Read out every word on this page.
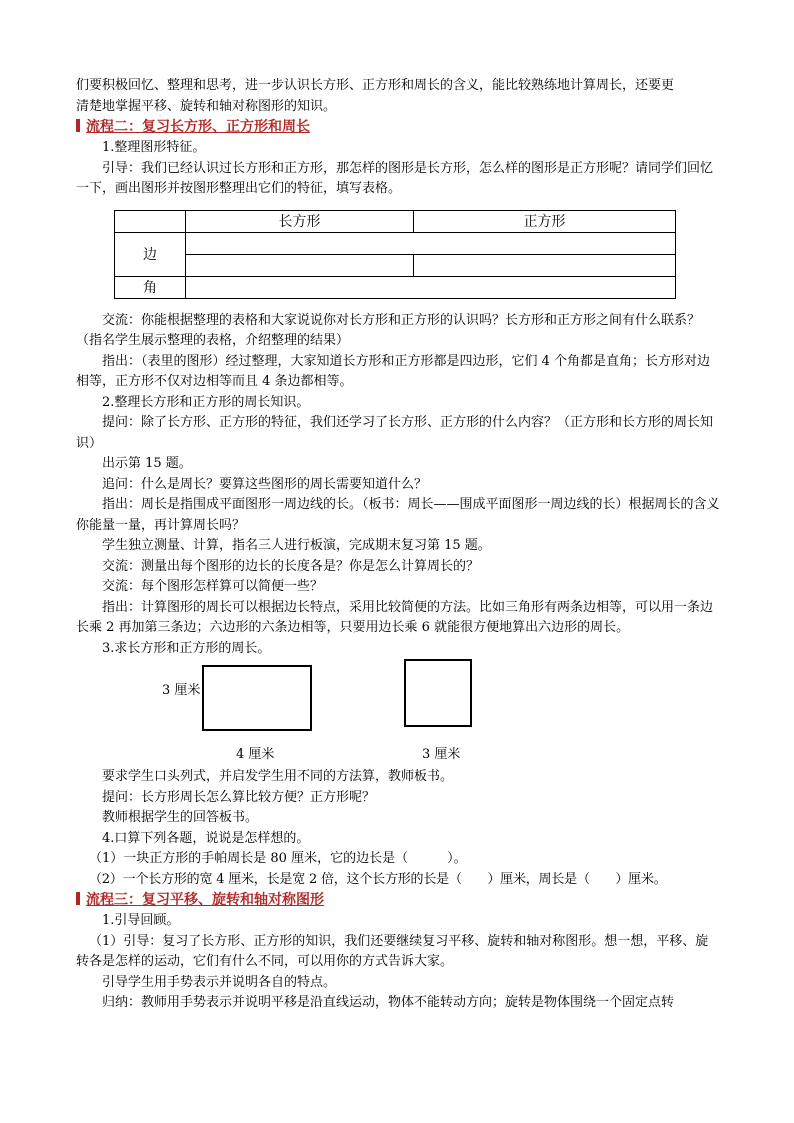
们要积极回忆、整理和思考，进一步认识长方形、正方形和周长的含义，能比较熟练地计算周长，还要更

清楚地掌握平移、旋转和轴对称图形的知识。

流程二：复习长方形、正方形和周长

1.整理图形特征。

引导：我们已经认识过长方形和正方形，那怎样的图形是长方形，怎么样的图形是正方形呢？请同学们回忆一下，画出图形并按图形整理出它们的特征，填写表格。

	长方形	正方形
边		

角		

交流：你能根据整理的表格和大家说说你对长方形和正方形的认识吗？长方形和正方形之间有什么联系？（指名学生展示整理的表格，介绍整理的结果）

指出：（表里的图形）经过整理，大家知道长方形和正方形都是四边形，它们 4 个角都是直角；长方形对边相等，正方形不仅对边相等而且 4 条边都相等。

2.整理长方形和正方形的周长知识。

提问：除了长方形、正方形的特征，我们还学习了长方形、正方形的什么内容？（正方形和长方形的周长知识）

出示第 15 题。

追问：什么是周长？要算这些图形的周长需要知道什么？

指出：周长是指围成平面图形一周边线的长。（板书：周长——围成平面图形一周边线的长）根据周长的含义你能量一量，再计算周长吗？

学生独立测量、计算，指名三人进行板演，完成期末复习第 15 题。

交流：测量出每个图形的边长的长度各是？你是怎么计算周长的？

交流：每个图形怎样算可以简便一些？

指出：计算图形的周长可以根据边长特点，采用比较简便的方法。比如三角形有两条边相等，可以用一条边长乘 2 再加第三条边；六边形的六条边相等，只要用边长乘 6 就能很方便地算出六边形的周长。

3.求长方形和正方形的周长。

3 厘米
4 厘米	3 厘米

要求学生口头列式，并启发学生用不同的方法算，教师板书。

提问：长方形周长怎么算比较方便？正方形呢？

教师根据学生的回答板书。

4.口算下列各题，说说是怎样想的。

（1）一块正方形的手帕周长是 80 厘米，它的边长是（　　　）。

（2）一个长方形的宽 4 厘米，长是宽 2 倍，这个长方形的长是（　　）厘米，周长是（　　）厘米。

流程三：复习平移、旋转和轴对称图形

1.引导回顾。

（1）引导：复习了长方形、正方形的知识，我们还要继续复习平移、旋转和轴对称图形。想一想，平移、旋转各是怎样的运动，它们有什么不同，可以用你的方式告诉大家。

引导学生用手势表示并说明各自的特点。

归纳：教师用手势表示并说明平移是沿直线运动，物体不能转动方向；旋转是物体围绕一个固定点转
